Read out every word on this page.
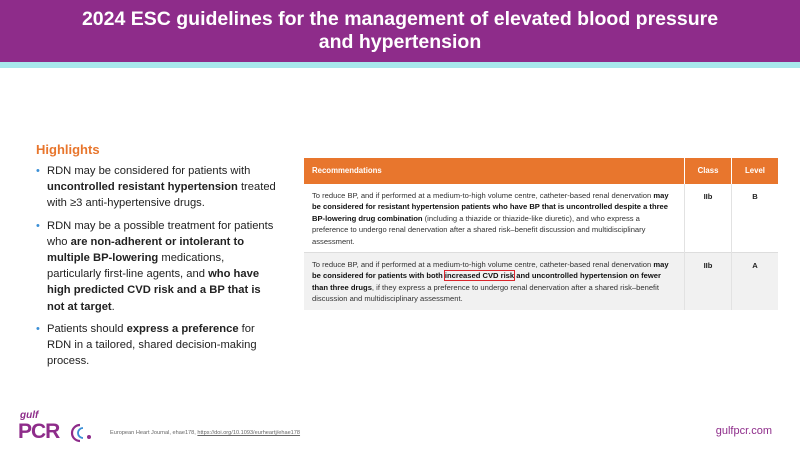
2024 ESC guidelines for the management of elevated blood pressure and hypertension
Highlights
• RDN may be considered for patients with uncontrolled resistant hypertension treated with ≥3 anti-hypertensive drugs.
• RDN may be a possible treatment for patients who are non-adherent or intolerant to multiple BP-lowering medications, particularly first-line agents, and who have high predicted CVD risk and a BP that is not at target.
• Patients should express a preference for RDN in a tailored, shared decision-making process.
Recommendations	Class	Level
To reduce BP, and if performed at a medium-to-high volume centre, catheter-based renal denervation may be considered for resistant hypertension patients who have BP that is uncontrolled despite a three BP-lowering drug combination (including a thiazide or thiazide-like diuretic), and who express a preference to undergo renal denervation after a shared risk–benefit discussion and multidisciplinary assessment.	IIb	B
To reduce BP, and if performed at a medium-to-high volume centre, catheter-based renal denervation may be considered for patients with both increased CVD risk and uncontrolled hypertension on fewer than three drugs, if they express a preference to undergo renal denervation after a shared risk–benefit discussion and multidisciplinary assessment.	IIb	A
gulf
PCR	European Heart Journal, ehae178, https://doi.org/10.1093/eurheartj/ehae178	gulfpcr.com
